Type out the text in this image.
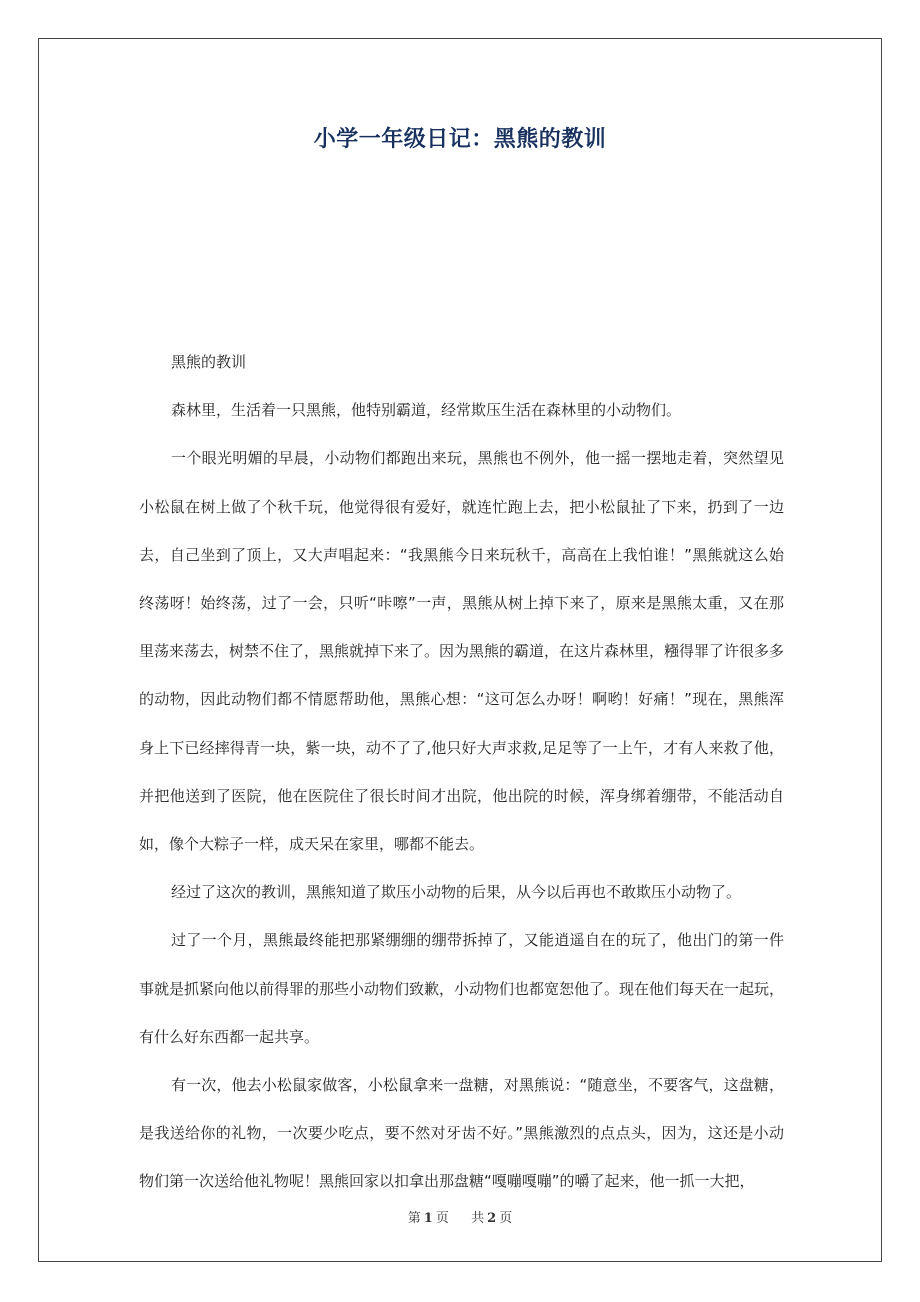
小学一年级日记：黑熊的教训

黑熊的教训

森林里，生活着一只黑熊，他特别霸道，经常欺压生活在森林里的小动物们。

一个眼光明媚的早晨，小动物们都跑出来玩，黑熊也不例外，他一摇一摆地走着，突然望见小松鼠在树上做了个秋千玩，他觉得很有爱好，就连忙跑上去，把小松鼠扯了下来，扔到了一边去，自己坐到了顶上，又大声唱起来：“我黑熊今日来玩秋千，高高在上我怕谁！”黑熊就这么始终荡呀！始终荡，过了一会，只听“咔嚓”一声，黑熊从树上掉下来了，原来是黑熊太重，又在那里荡来荡去，树禁不住了，黑熊就掉下来了。因为黑熊的霸道，在这片森林里，糨得罪了许很多多的动物，因此动物们都不情愿帮助他，黑熊心想：“这可怎么办呀！啊哟！好痛！”现在，黑熊浑身上下已经摔得青一块，紫一块，动不了了,他只好大声求救,足足等了一上午，才有人来救了他，并把他送到了医院，他在医院住了很长时间才出院，他出院的时候，浑身绑着绷带，不能活动自如，像个大粽子一样，成天呆在家里，哪都不能去。

经过了这次的教训，黑熊知道了欺压小动物的后果，从今以后再也不敢欺压小动物了。

过了一个月，黑熊最终能把那紧绷绷的绷带拆掉了，又能逍遥自在的玩了，他出门的第一件事就是抓紧向他以前得罪的那些小动物们致歉，小动物们也都宽恕他了。现在他们每天在一起玩，有什么好东西都一起共享。

有一次，他去小松鼠家做客，小松鼠拿来一盘糖，对黑熊说：“随意坐，不要客气，这盘糖，是我送给你的礼物，一次要少吃点，要不然对牙齿不好。”黑熊激烈的点点头，因为，这还是小动物们第一次送给他礼物呢！黑熊回家以扣拿出那盘糖“嘎嘣嘎嘣”的嚼了起来，他一抓一大把，

第 1 页 共 2 页
